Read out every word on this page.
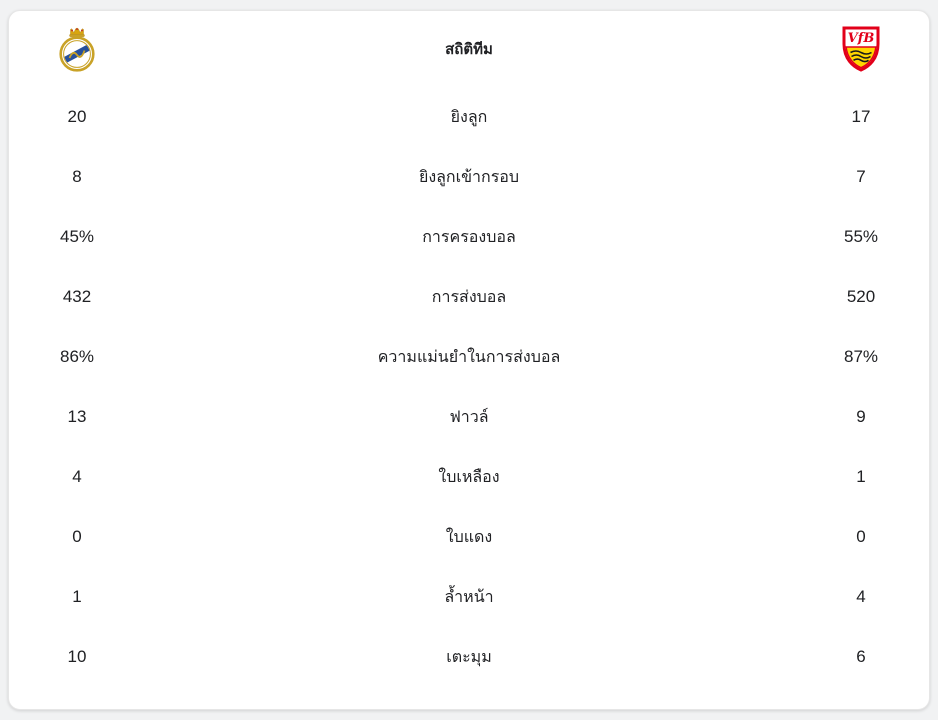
สถิติทีม
VfB
20	ยิงลูก	17
8	ยิงลูกเข้ากรอบ	7
45%	การครองบอล	55%
432	การส่งบอล	520
86%	ความแม่นยำในการส่งบอล	87%
13	ฟาวล์	9
4	ใบเหลือง	1
0	ใบแดง	0
1	ล้ำหน้า	4
10	เตะมุม	6
